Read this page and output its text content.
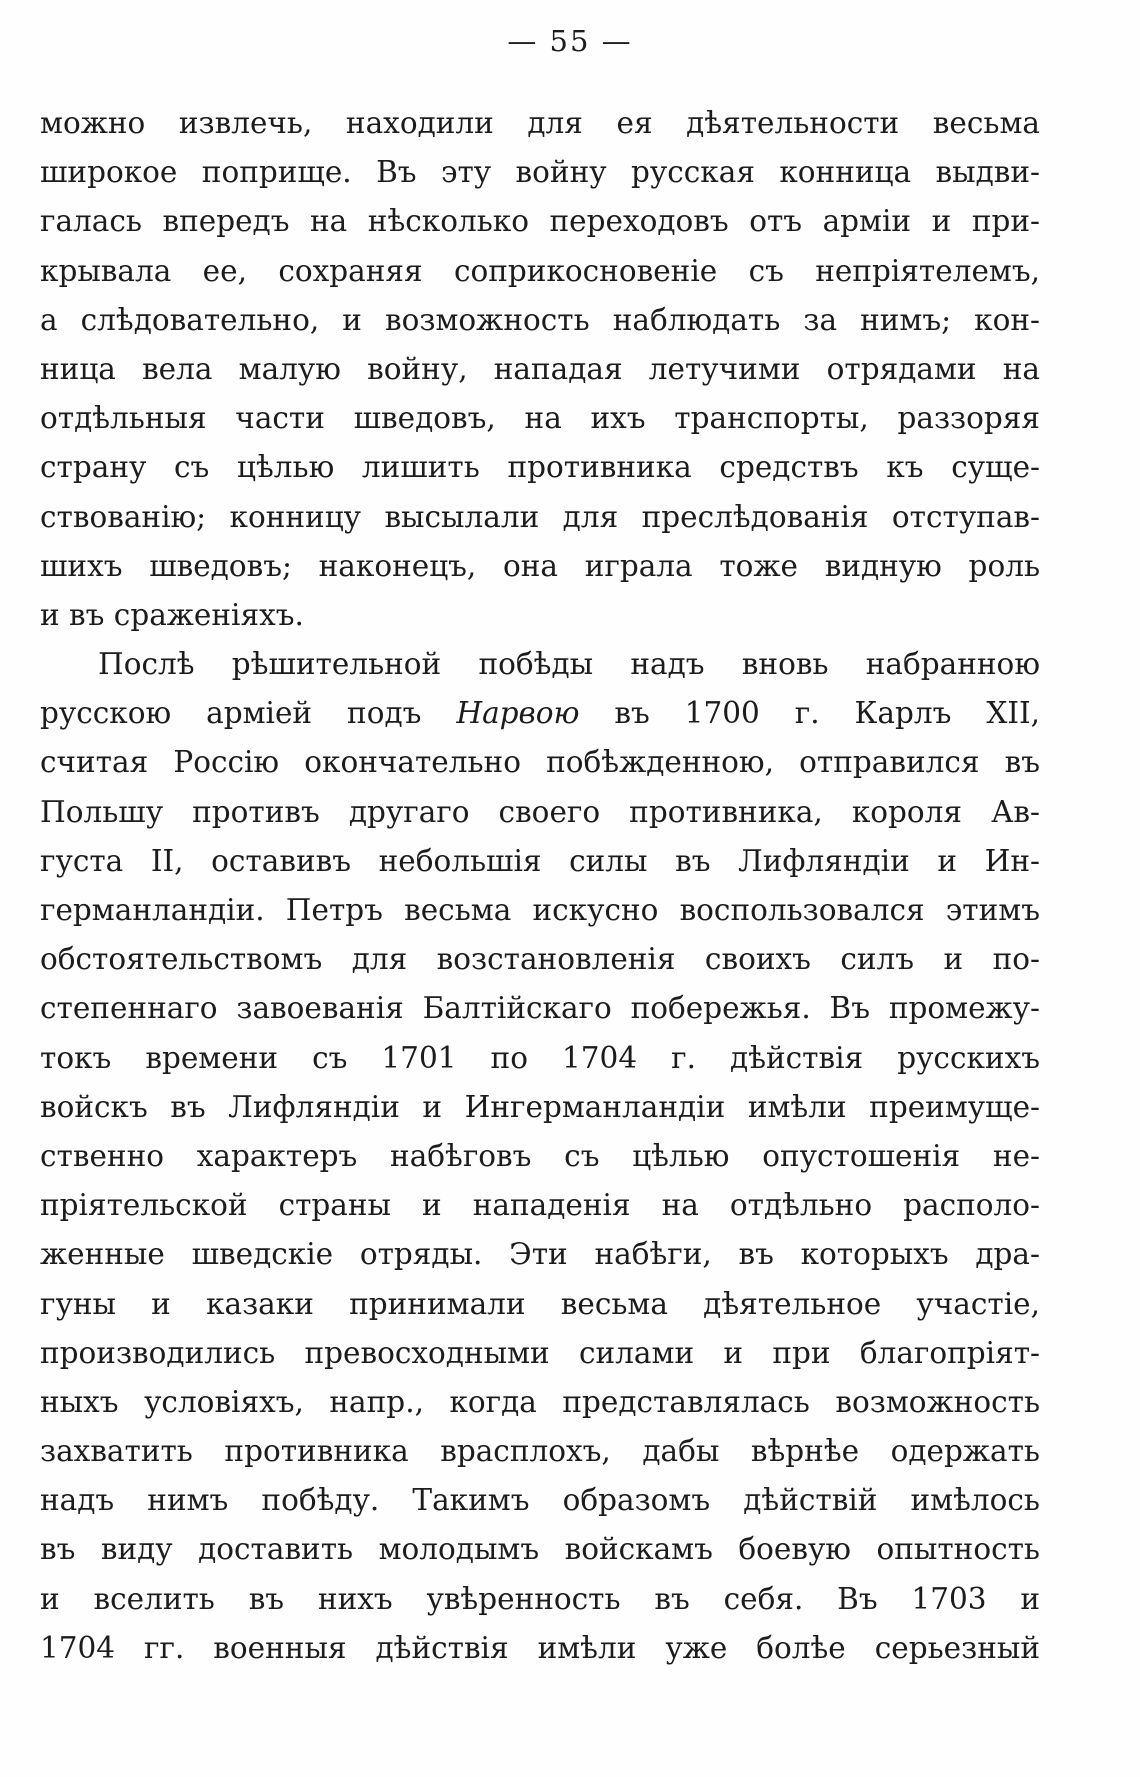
— 55 —
можно извлечь, находили для ея дѣятельности весьма
широкое поприще. Въ эту войну русская конница выдви-
галась впередъ на нѣсколько переходовъ отъ арміи и при-
крывала ее, сохраняя соприкосновеніе съ непріятелемъ,
а слѣдовательно, и возможность наблюдать за нимъ; кон-
ница вела малую войну, нападая летучими отрядами на
отдѣльныя части шведовъ, на ихъ транспорты, раззоряя
страну съ цѣлью лишить противника средствъ къ суще-
ствованію; конницу высылали для преслѣдованія отступав-
шихъ шведовъ; наконецъ, она играла тоже видную роль
и въ сраженіяхъ.
Послѣ рѣшительной побѣды надъ вновь набранною
русскою арміей подъ Нарвою въ 1700 г. Карлъ XII,
считая Россію окончательно побѣжденною, отправился въ
Польшу противъ другаго своего противника, короля Ав-
густа II, оставивъ небольшія силы въ Лифляндіи и Ин-
германландіи. Петръ весьма искусно воспользовался этимъ
обстоятельствомъ для возстановленія своихъ силъ и по-
степеннаго завоеванія Балтійскаго побережья. Въ промежу-
токъ времени съ 1701 по 1704 г. дѣйствія русскихъ
войскъ въ Лифляндіи и Ингерманландіи имѣли преимуще-
ственно характеръ набѣговъ съ цѣлью опустошенія не-
пріятельской страны и нападенія на отдѣльно располо-
женные шведскіе отряды. Эти набѣги, въ которыхъ дра-
гуны и казаки принимали весьма дѣятельное участіе,
производились превосходными силами и при благопріят-
ныхъ условіяхъ, напр., когда представлялась возможность
захватить противника врасплохъ, дабы вѣрнѣе одержать
надъ нимъ побѣду. Такимъ образомъ дѣйствій имѣлось
въ виду доставить молодымъ войскамъ боевую опытность
и вселить въ нихъ увѣренность въ себя. Въ 1703 и
1704 гг. военныя дѣйствія имѣли уже болѣе серьезный
